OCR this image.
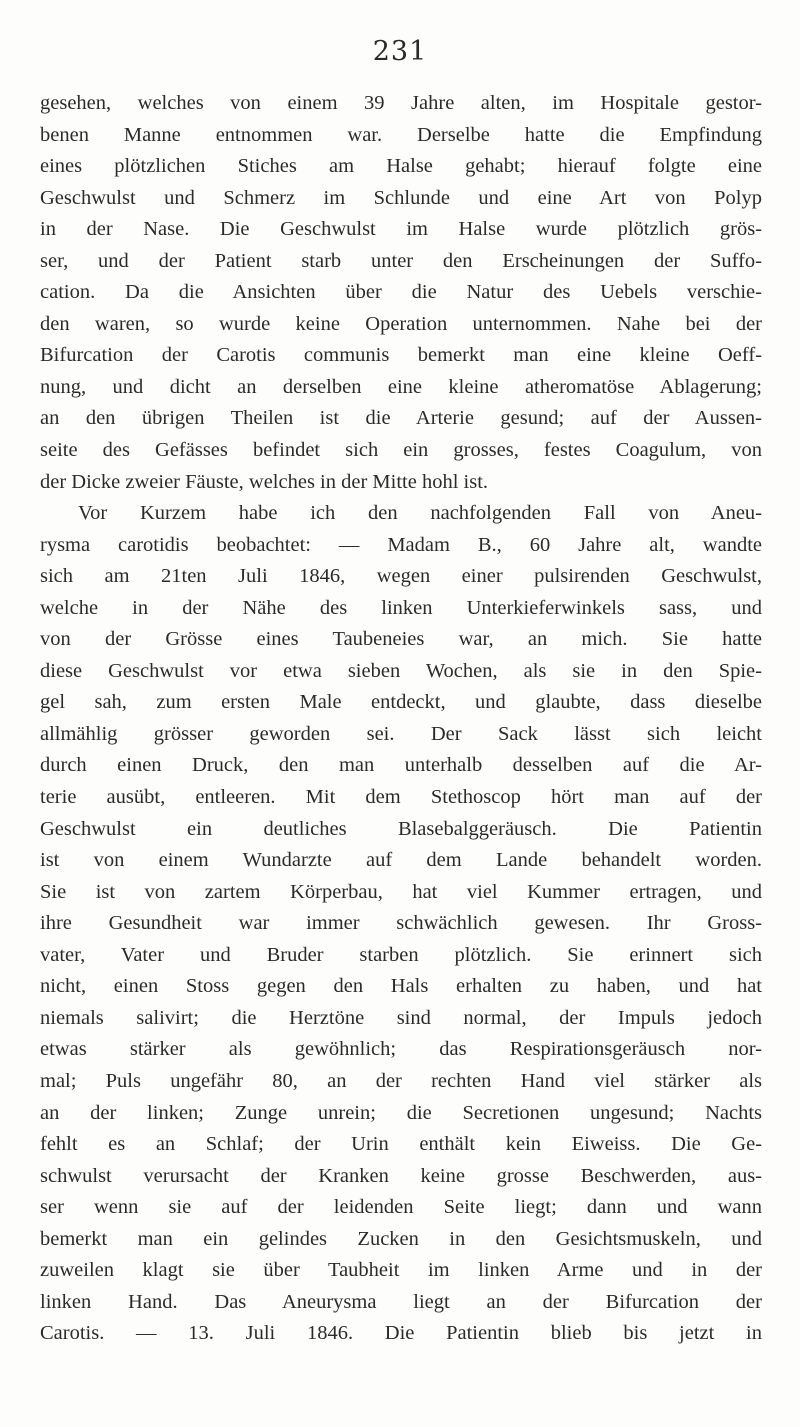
231
gesehen, welches von einem 39 Jahre alten, im Hospitale gestor-
benen Manne entnommen war. Derselbe hatte die Empfindung
eines plötzlichen Stiches am Halse gehabt; hierauf folgte eine
Geschwulst und Schmerz im Schlunde und eine Art von Polyp
in der Nase. Die Geschwulst im Halse wurde plötzlich grös-
ser, und der Patient starb unter den Erscheinungen der Suffo-
cation. Da die Ansichten über die Natur des Uebels verschie-
den waren, so wurde keine Operation unternommen. Nahe bei der
Bifurcation der Carotis communis bemerkt man eine kleine Oeff-
nung, und dicht an derselben eine kleine atheromatöse Ablagerung;
an den übrigen Theilen ist die Arterie gesund; auf der Aussen-
seite des Gefässes befindet sich ein grosses, festes Coagulum, von
der Dicke zweier Fäuste, welches in der Mitte hohl ist.
Vor Kurzem habe ich den nachfolgenden Fall von Aneu-
rysma carotidis beobachtet: — Madam B., 60 Jahre alt, wandte
sich am 21ten Juli 1846, wegen einer pulsirenden Geschwulst,
welche in der Nähe des linken Unterkieferwinkels sass, und
von der Grösse eines Taubeneies war, an mich. Sie hatte
diese Geschwulst vor etwa sieben Wochen, als sie in den Spie-
gel sah, zum ersten Male entdeckt, und glaubte, dass dieselbe
allmählig grösser geworden sei. Der Sack lässt sich leicht
durch einen Druck, den man unterhalb desselben auf die Ar-
terie ausübt, entleeren. Mit dem Stethoscop hört man auf der
Geschwulst ein deutliches Blasebalggeräusch. Die Patientin
ist von einem Wundarzte auf dem Lande behandelt worden.
Sie ist von zartem Körperbau, hat viel Kummer ertragen, und
ihre Gesundheit war immer schwächlich gewesen. Ihr Gross-
vater, Vater und Bruder starben plötzlich. Sie erinnert sich
nicht, einen Stoss gegen den Hals erhalten zu haben, und hat
niemals salivirt; die Herztöne sind normal, der Impuls jedoch
etwas stärker als gewöhnlich; das Respirationsgeräusch nor-
mal; Puls ungefähr 80, an der rechten Hand viel stärker als
an der linken; Zunge unrein; die Secretionen ungesund; Nachts
fehlt es an Schlaf; der Urin enthält kein Eiweiss. Die Ge-
schwulst verursacht der Kranken keine grosse Beschwerden, aus-
ser wenn sie auf der leidenden Seite liegt; dann und wann
bemerkt man ein gelindes Zucken in den Gesichtsmuskeln, und
zuweilen klagt sie über Taubheit im linken Arme und in der
linken Hand. Das Aneurysma liegt an der Bifurcation der
Carotis. — 13. Juli 1846. Die Patientin blieb bis jetzt in
